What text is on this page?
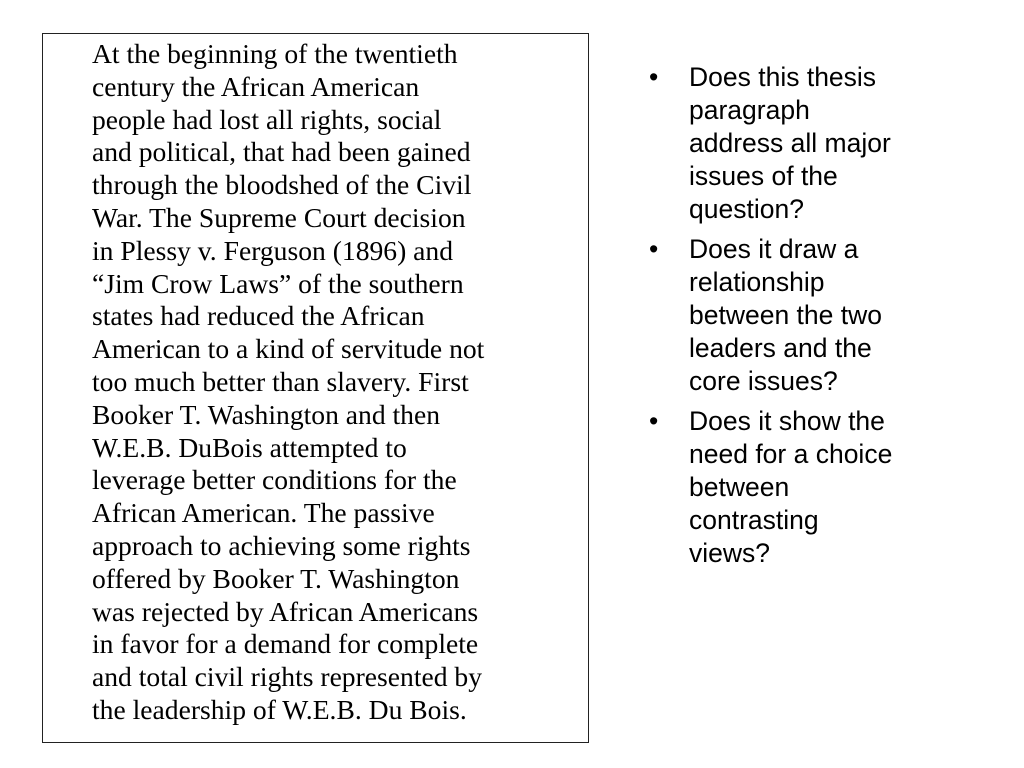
At the beginning of the twentieth
century the African American
people had lost all rights, social
and political, that had been gained
through the bloodshed of the Civil
War. The Supreme Court decision
in Plessy v. Ferguson (1896) and
“Jim Crow Laws” of the southern
states had reduced the African
American to a kind of servitude not
too much better than slavery. First
Booker T. Washington and then
W.E.B. DuBois attempted to
leverage better conditions for the
African American. The passive
approach to achieving some rights
offered by Booker T. Washington
was rejected by African Americans
in favor for a demand for complete
and total civil rights represented by
the leadership of W.E.B. Du Bois.

•	Does this thesis
paragraph
address all major
issues of the
question?
•	Does it draw a
relationship
between the two
leaders and the
core issues?
•	Does it show the
need for a choice
between
contrasting
views?
